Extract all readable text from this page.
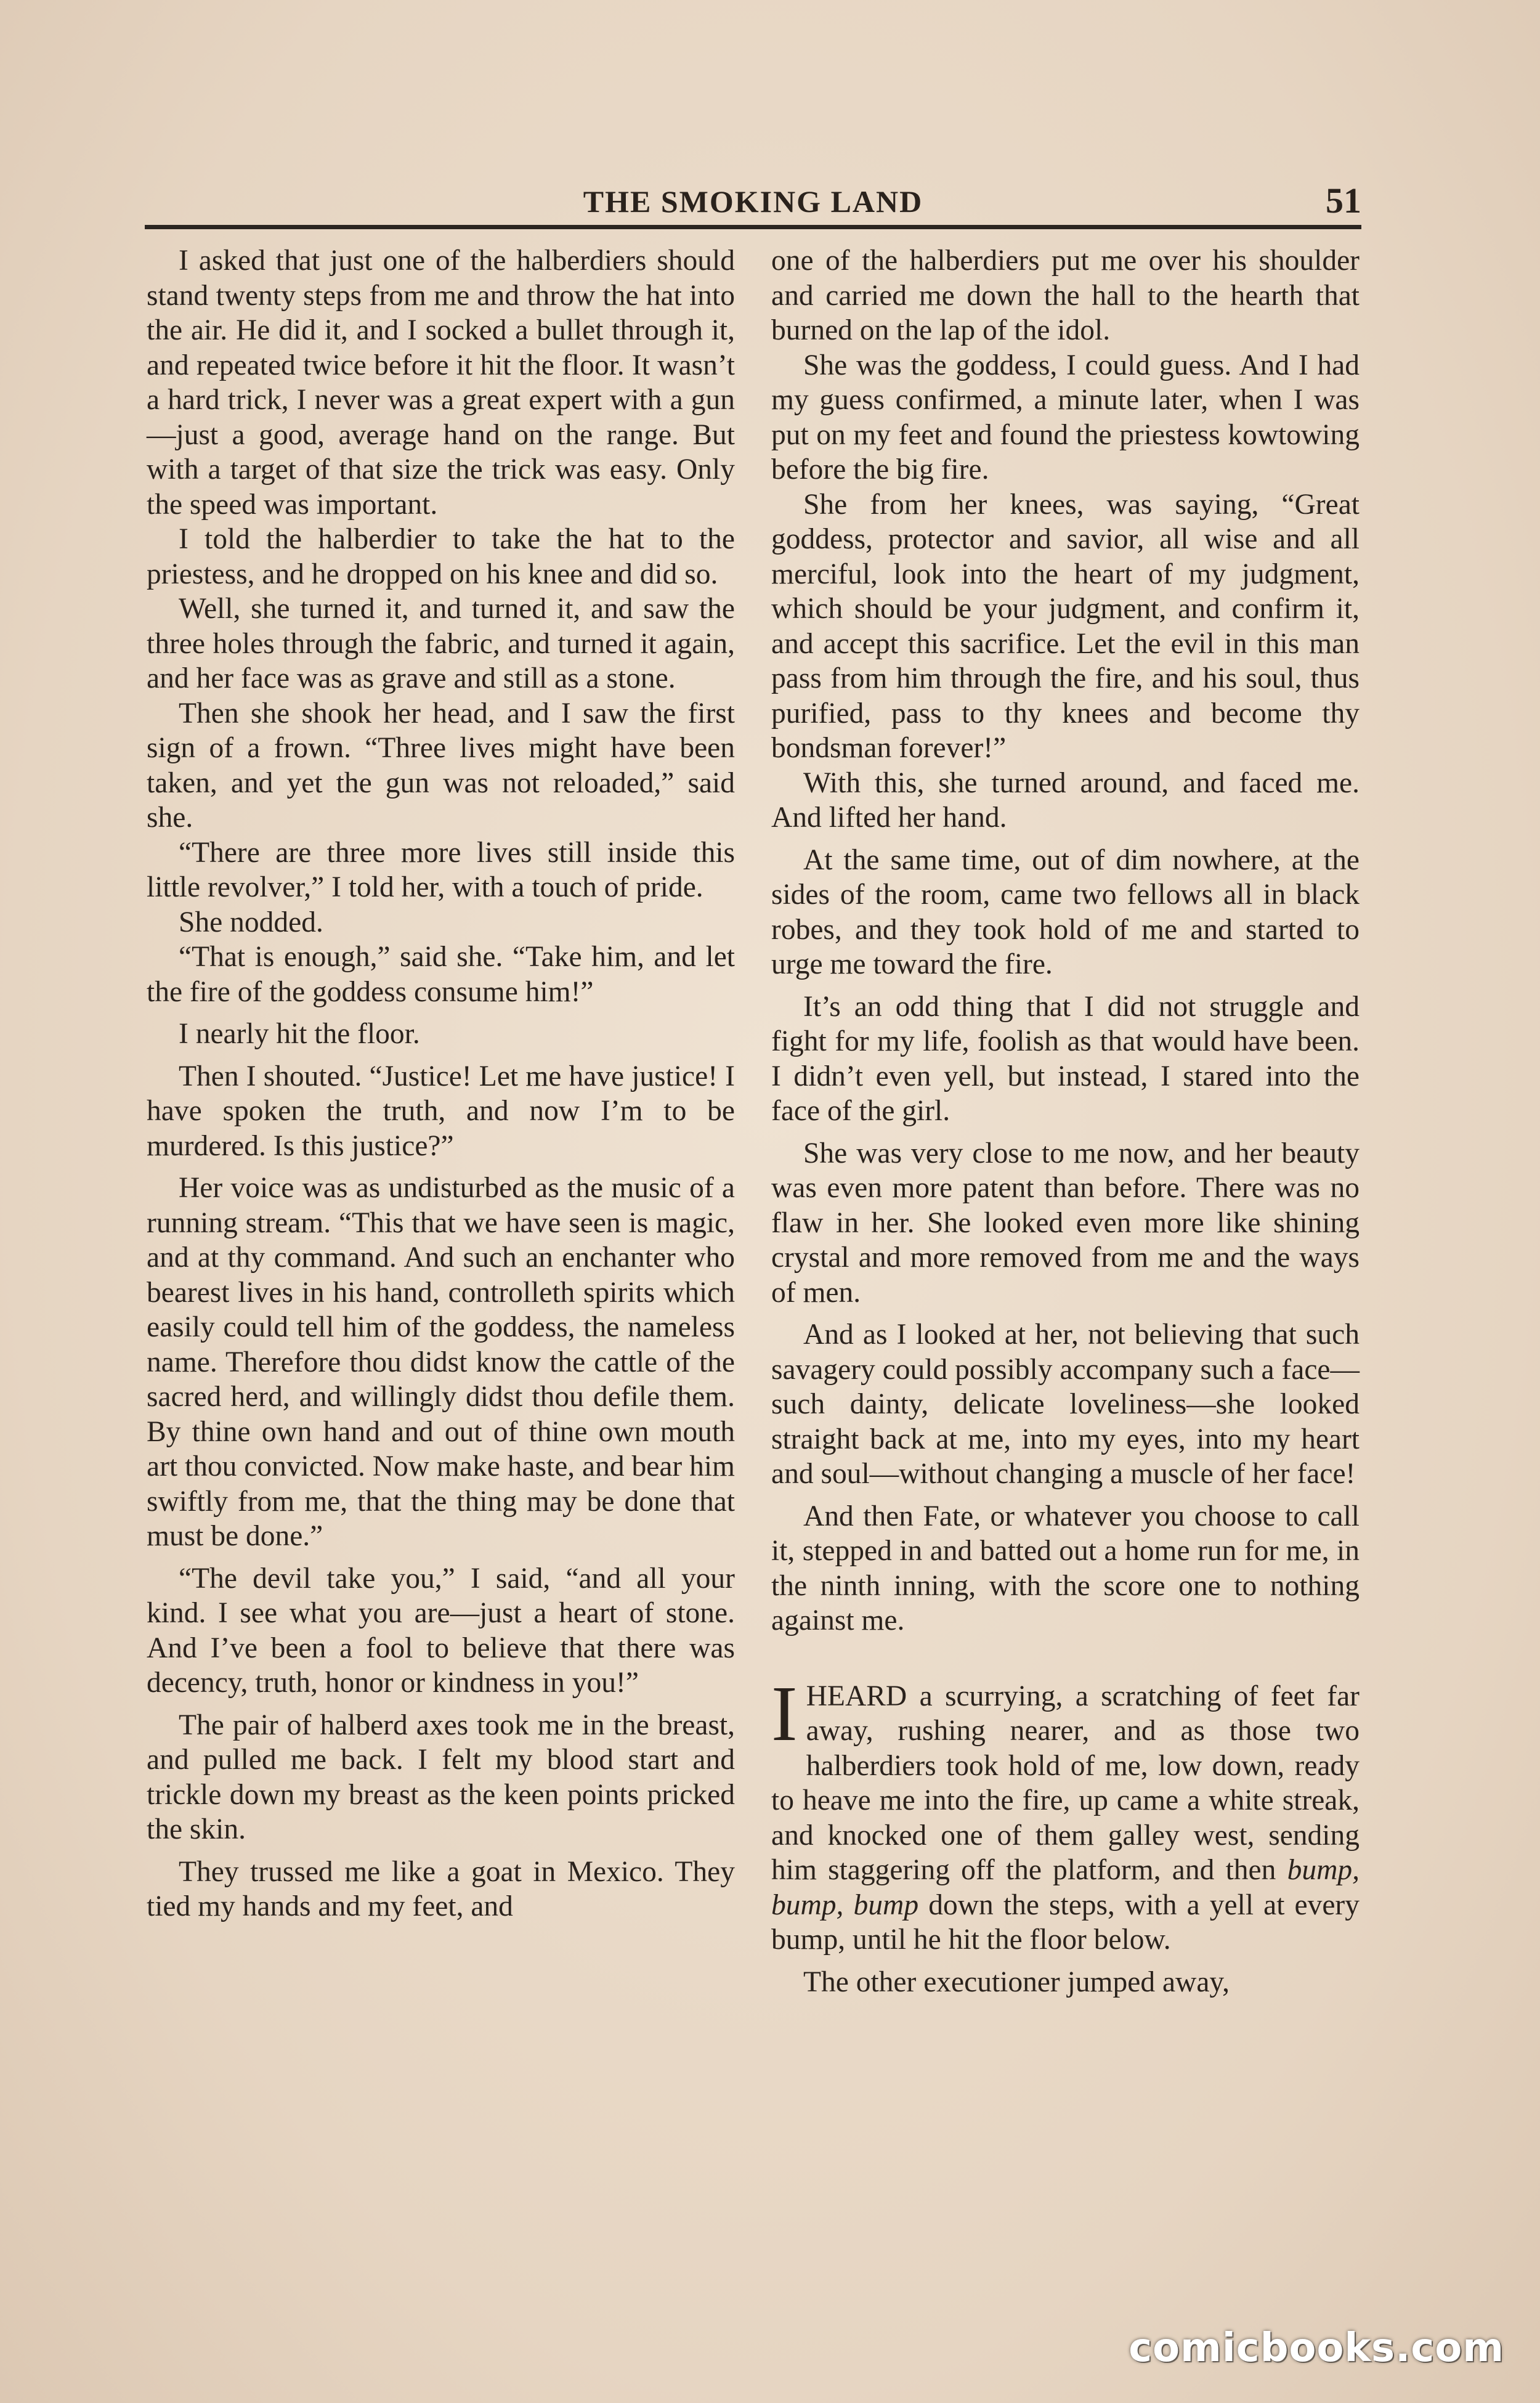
THE SMOKING LAND	51

I asked that just one of the halberdiers should stand twenty steps from me and throw the hat into the air. He did it, and I socked a bullet through it, and repeated twice before it hit the floor. It wasn’t a hard trick, I never was a great expert with a gun—just a good, average hand on the range. But with a target of that size the trick was easy. Only the speed was important.

I told the halberdier to take the hat to the priestess, and he dropped on his knee and did so.

Well, she turned it, and turned it, and saw the three holes through the fabric, and turned it again, and her face was as grave and still as a stone.

Then she shook her head, and I saw the first sign of a frown. “Three lives might have been taken, and yet the gun was not reloaded,” said she.

“There are three more lives still inside this little revolver,” I told her, with a touch of pride.

She nodded.

“That is enough,” said she. “Take him, and let the fire of the goddess consume him!”

I nearly hit the floor.

Then I shouted. “Justice! Let me have justice! I have spoken the truth, and now I’m to be murdered. Is this justice?”

Her voice was as undisturbed as the music of a running stream. “This that we have seen is magic, and at thy command. And such an enchanter who bearest lives in his hand, controlleth spirits which easily could tell him of the goddess, the nameless name. Therefore thou didst know the cattle of the sacred herd, and willingly didst thou defile them. By thine own hand and out of thine own mouth art thou convicted. Now make haste, and bear him swiftly from me, that the thing may be done that must be done.”

“The devil take you,” I said, “and all your kind. I see what you are—just a heart of stone. And I’ve been a fool to believe that there was decency, truth, honor or kindness in you!”

The pair of halberd axes took me in the breast, and pulled me back. I felt my blood start and trickle down my breast as the keen points pricked the skin.

They trussed me like a goat in Mexico. They tied my hands and my feet, and

one of the halberdiers put me over his shoulder and carried me down the hall to the hearth that burned on the lap of the idol.

She was the goddess, I could guess. And I had my guess confirmed, a minute later, when I was put on my feet and found the priestess kowtowing before the big fire.

She from her knees, was saying, “Great goddess, protector and savior, all wise and all merciful, look into the heart of my judgment, which should be your judgment, and confirm it, and accept this sacrifice. Let the evil in this man pass from him through the fire, and his soul, thus purified, pass to thy knees and become thy bondsman forever!”

With this, she turned around, and faced me. And lifted her hand.

At the same time, out of dim nowhere, at the sides of the room, came two fellows all in black robes, and they took hold of me and started to urge me toward the fire.

It’s an odd thing that I did not struggle and fight for my life, foolish as that would have been. I didn’t even yell, but instead, I stared into the face of the girl.

She was very close to me now, and her beauty was even more patent than before. There was no flaw in her. She looked even more like shining crystal and more removed from me and the ways of men.

And as I looked at her, not believing that such savagery could possibly accompany such a face—such dainty, delicate loveliness—she looked straight back at me, into my eyes, into my heart and soul—without changing a muscle of her face!

And then Fate, or whatever you choose to call it, stepped in and batted out a home run for me, in the ninth inning, with the score one to nothing against me.

I HEARD a scurrying, a scratching of feet far away, rushing nearer, and as those two halberdiers took hold of me, low down, ready to heave me into the fire, up came a white streak, and knocked one of them galley west, sending him staggering off the platform, and then bump, bump, bump down the steps, with a yell at every bump, until he hit the floor below.

The other executioner jumped away,

comicbooks.com
